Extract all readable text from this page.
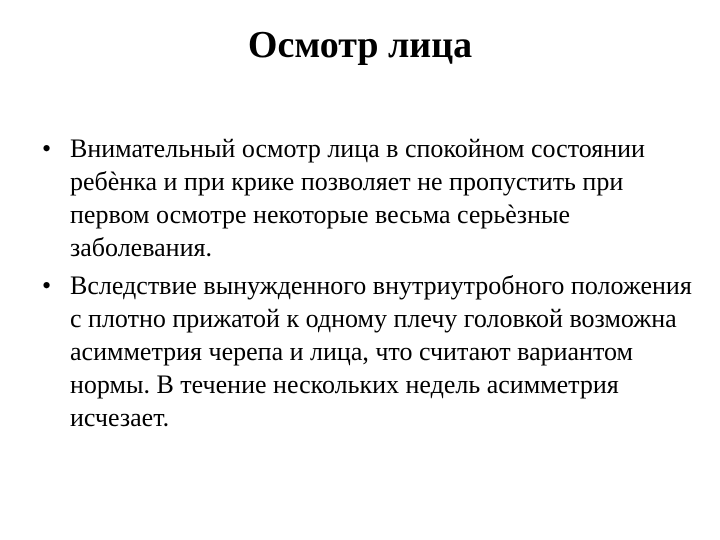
Осмотр лица
• Внимательный осмотр лица в спокойном состоянии ребѐнка и при крике позволяет не пропустить при первом осмотре некоторые весьма серьѐзные заболевания.
• Вследствие вынужденного внутриутробного положения с плотно прижатой к одному плечу головкой возможна асимметрия черепа и лица, что считают вариантом нормы. В течение нескольких недель асимметрия исчезает.
